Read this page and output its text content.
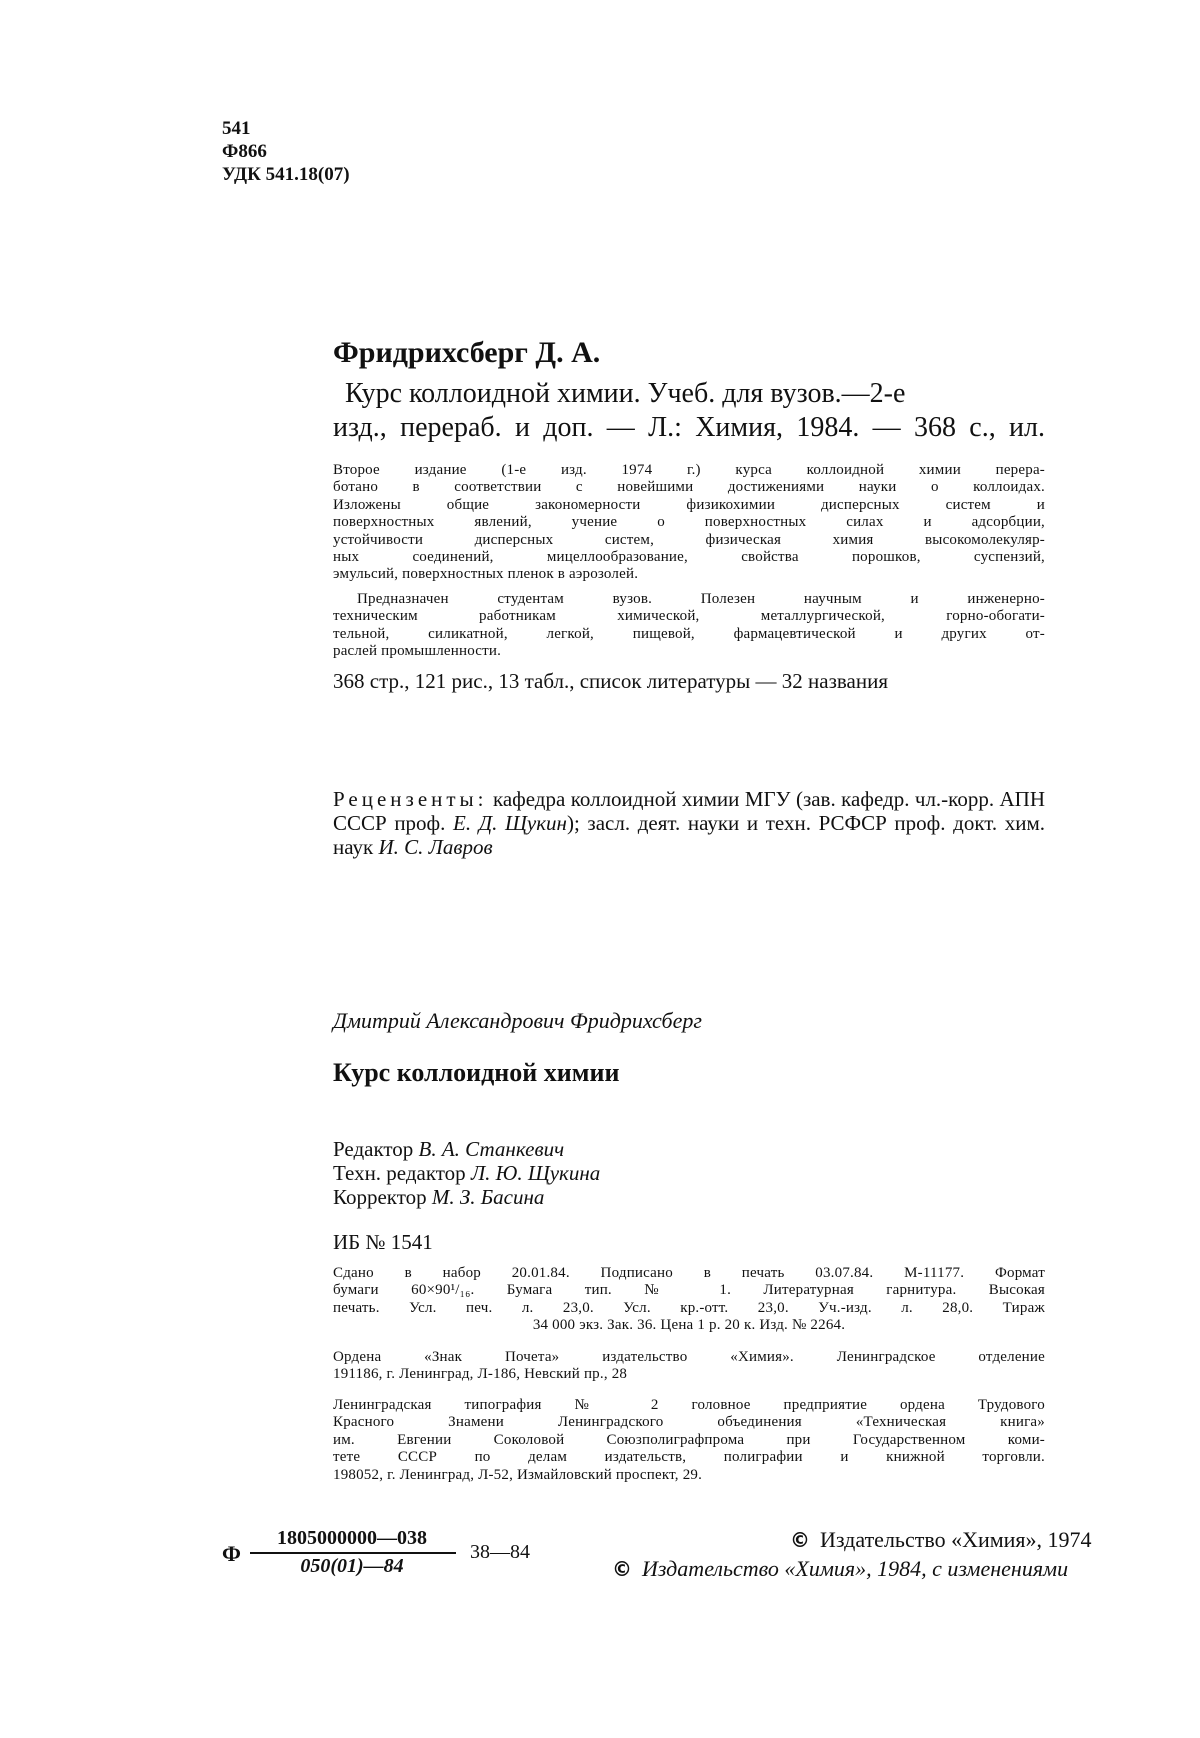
541
Ф866
УДК 541.18(07)
Фридрихсберг Д. А.
Курс коллоидной химии. Учеб. для вузов.—2-е
изд., перераб. и доп. — Л.: Химия, 1984. — 368 с., ил.
Второе издание (1-е изд. 1974 г.) курса коллоидной химии перера-
ботано в соответствии с новейшими достижениями науки о коллоидах.
Изложены общие закономерности физикохимии дисперсных систем и
поверхностных явлений, учение о поверхностных силах и адсорбции,
устойчивости дисперсных систем, физическая химия высокомолекуляр-
ных соединений, мицеллообразование, свойства порошков, суспензий,
эмульсий, поверхностных пленок в аэрозолей.
Предназначен студентам вузов. Полезен научным и инженерно-
техническим работникам химической, металлургической, горно-обогати-
тельной, силикатной, легкой, пищевой, фармацевтической и других от-
раслей промышленности.
368 стр., 121 рис., 13 табл., список литературы — 32 названия
Рецензенты: кафедра коллоидной химии МГУ (зав. кафедр. чл.-корр. АПН СССР проф. Е. Д. Щукин); засл. деят. науки и техн. РСФСР проф. докт. хим. наук И. С. Лавров
Дмитрий Александрович Фридрихсберг
Курс коллоидной химии
Редактор В. А. Станкевич
Техн. редактор Л. Ю. Щукина
Корректор М. З. Басина
ИБ № 1541
Сдано в набор 20.01.84. Подписано в печать 03.07.84. М-11177. Формат
бумаги 60×90¹/₁₆. Бумага тип. № 1. Литературная гарнитура. Высокая
печать. Усл. печ. л. 23,0. Усл. кр.-отт. 23,0. Уч.-изд. л. 28,0. Тираж
34 000 экз. Зак. 36. Цена 1 р. 20 к. Изд. № 2264.
Ордена «Знак Почета» издательство «Химия». Ленинградское отделение
191186, г. Ленинград, Л-186, Невский пр., 28
Ленинградская типография № 2 головное предприятие ордена Трудового
Красного Знамени Ленинградского объединения «Техническая книга»
им. Евгении Соколовой Союзполиграфпрома при Государственном коми-
тете СССР по делам издательств, полиграфии и книжной торговли.
198052, г. Ленинград, Л-52, Измайловский проспект, 29.
Ф
1805000000—038
050(01)—84
38—84	© Издательство «Химия», 1974
© Издательство «Химия», 1984, с изменениями
